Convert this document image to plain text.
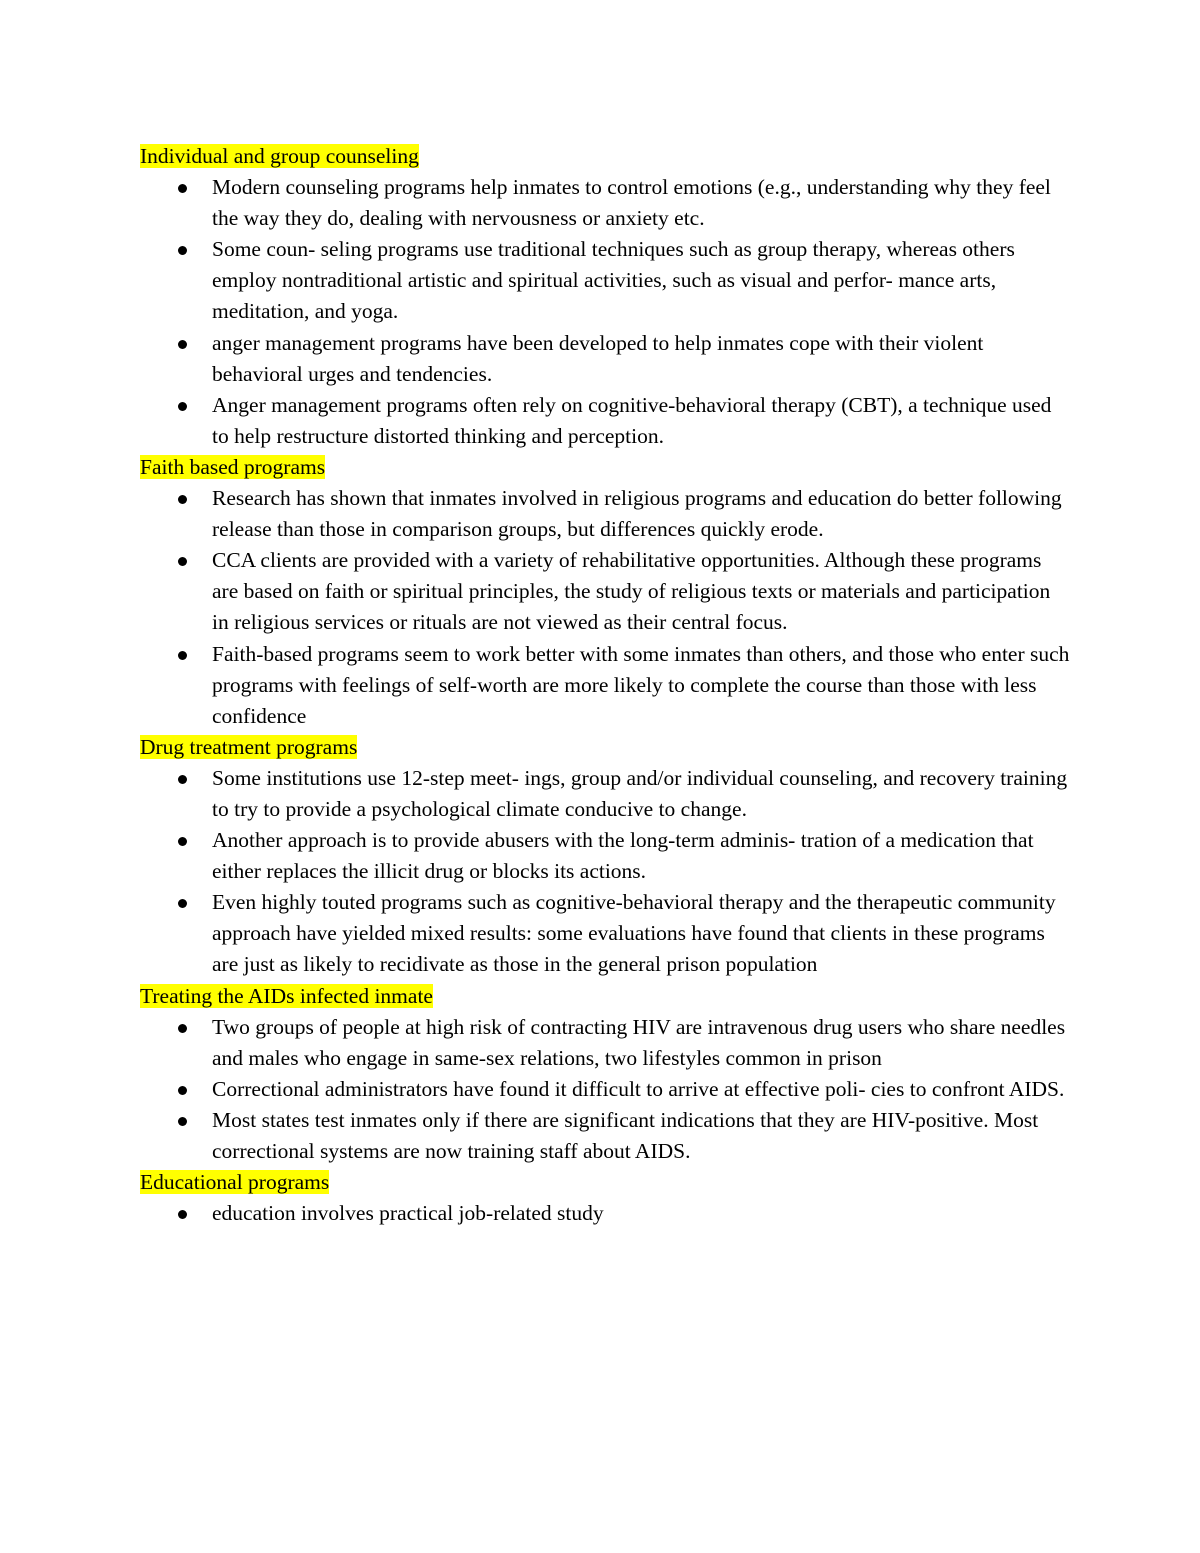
Individual and group counseling
Modern counseling programs help inmates to control emotions (e.g., understanding why they feel the way they do, dealing with nervousness or anxiety etc.
Some coun- seling programs use traditional techniques such as group therapy, whereas others employ nontraditional artistic and spiritual activities, such as visual and perfor- mance arts, meditation, and yoga.
anger management programs have been developed to help inmates cope with their violent behavioral urges and tendencies.
Anger management programs often rely on cognitive-behavioral therapy (CBT), a technique used to help restructure distorted thinking and perception.
Faith based programs
Research has shown that inmates involved in religious programs and education do better following release than those in comparison groups, but differences quickly erode.
CCA clients are provided with a variety of rehabilitative opportunities. Although these programs are based on faith or spiritual principles, the study of religious texts or materials and participation in religious services or rituals are not viewed as their central focus.
Faith-based programs seem to work better with some inmates than others, and those who enter such programs with feelings of self-worth are more likely to complete the course than those with less confidence
Drug treatment programs
Some institutions use 12-step meet- ings, group and/or individual counseling, and recovery training to try to provide a psychological climate conducive to change.
Another approach is to provide abusers with the long-term adminis- tration of a medication that either replaces the illicit drug or blocks its actions.
Even highly touted programs such as cognitive-behavioral therapy and the therapeutic community approach have yielded mixed results: some evaluations have found that clients in these programs are just as likely to recidivate as those in the general prison population
Treating the AIDs infected inmate
Two groups of people at high risk of contracting HIV are intravenous drug users who share needles and males who engage in same-sex relations, two lifestyles common in prison
Correctional administrators have found it difficult to arrive at effective poli- cies to confront AIDS.
Most states test inmates only if there are significant indications that they are HIV-positive. Most correctional systems are now training staff about AIDS.
Educational programs
education involves practical job-related study
